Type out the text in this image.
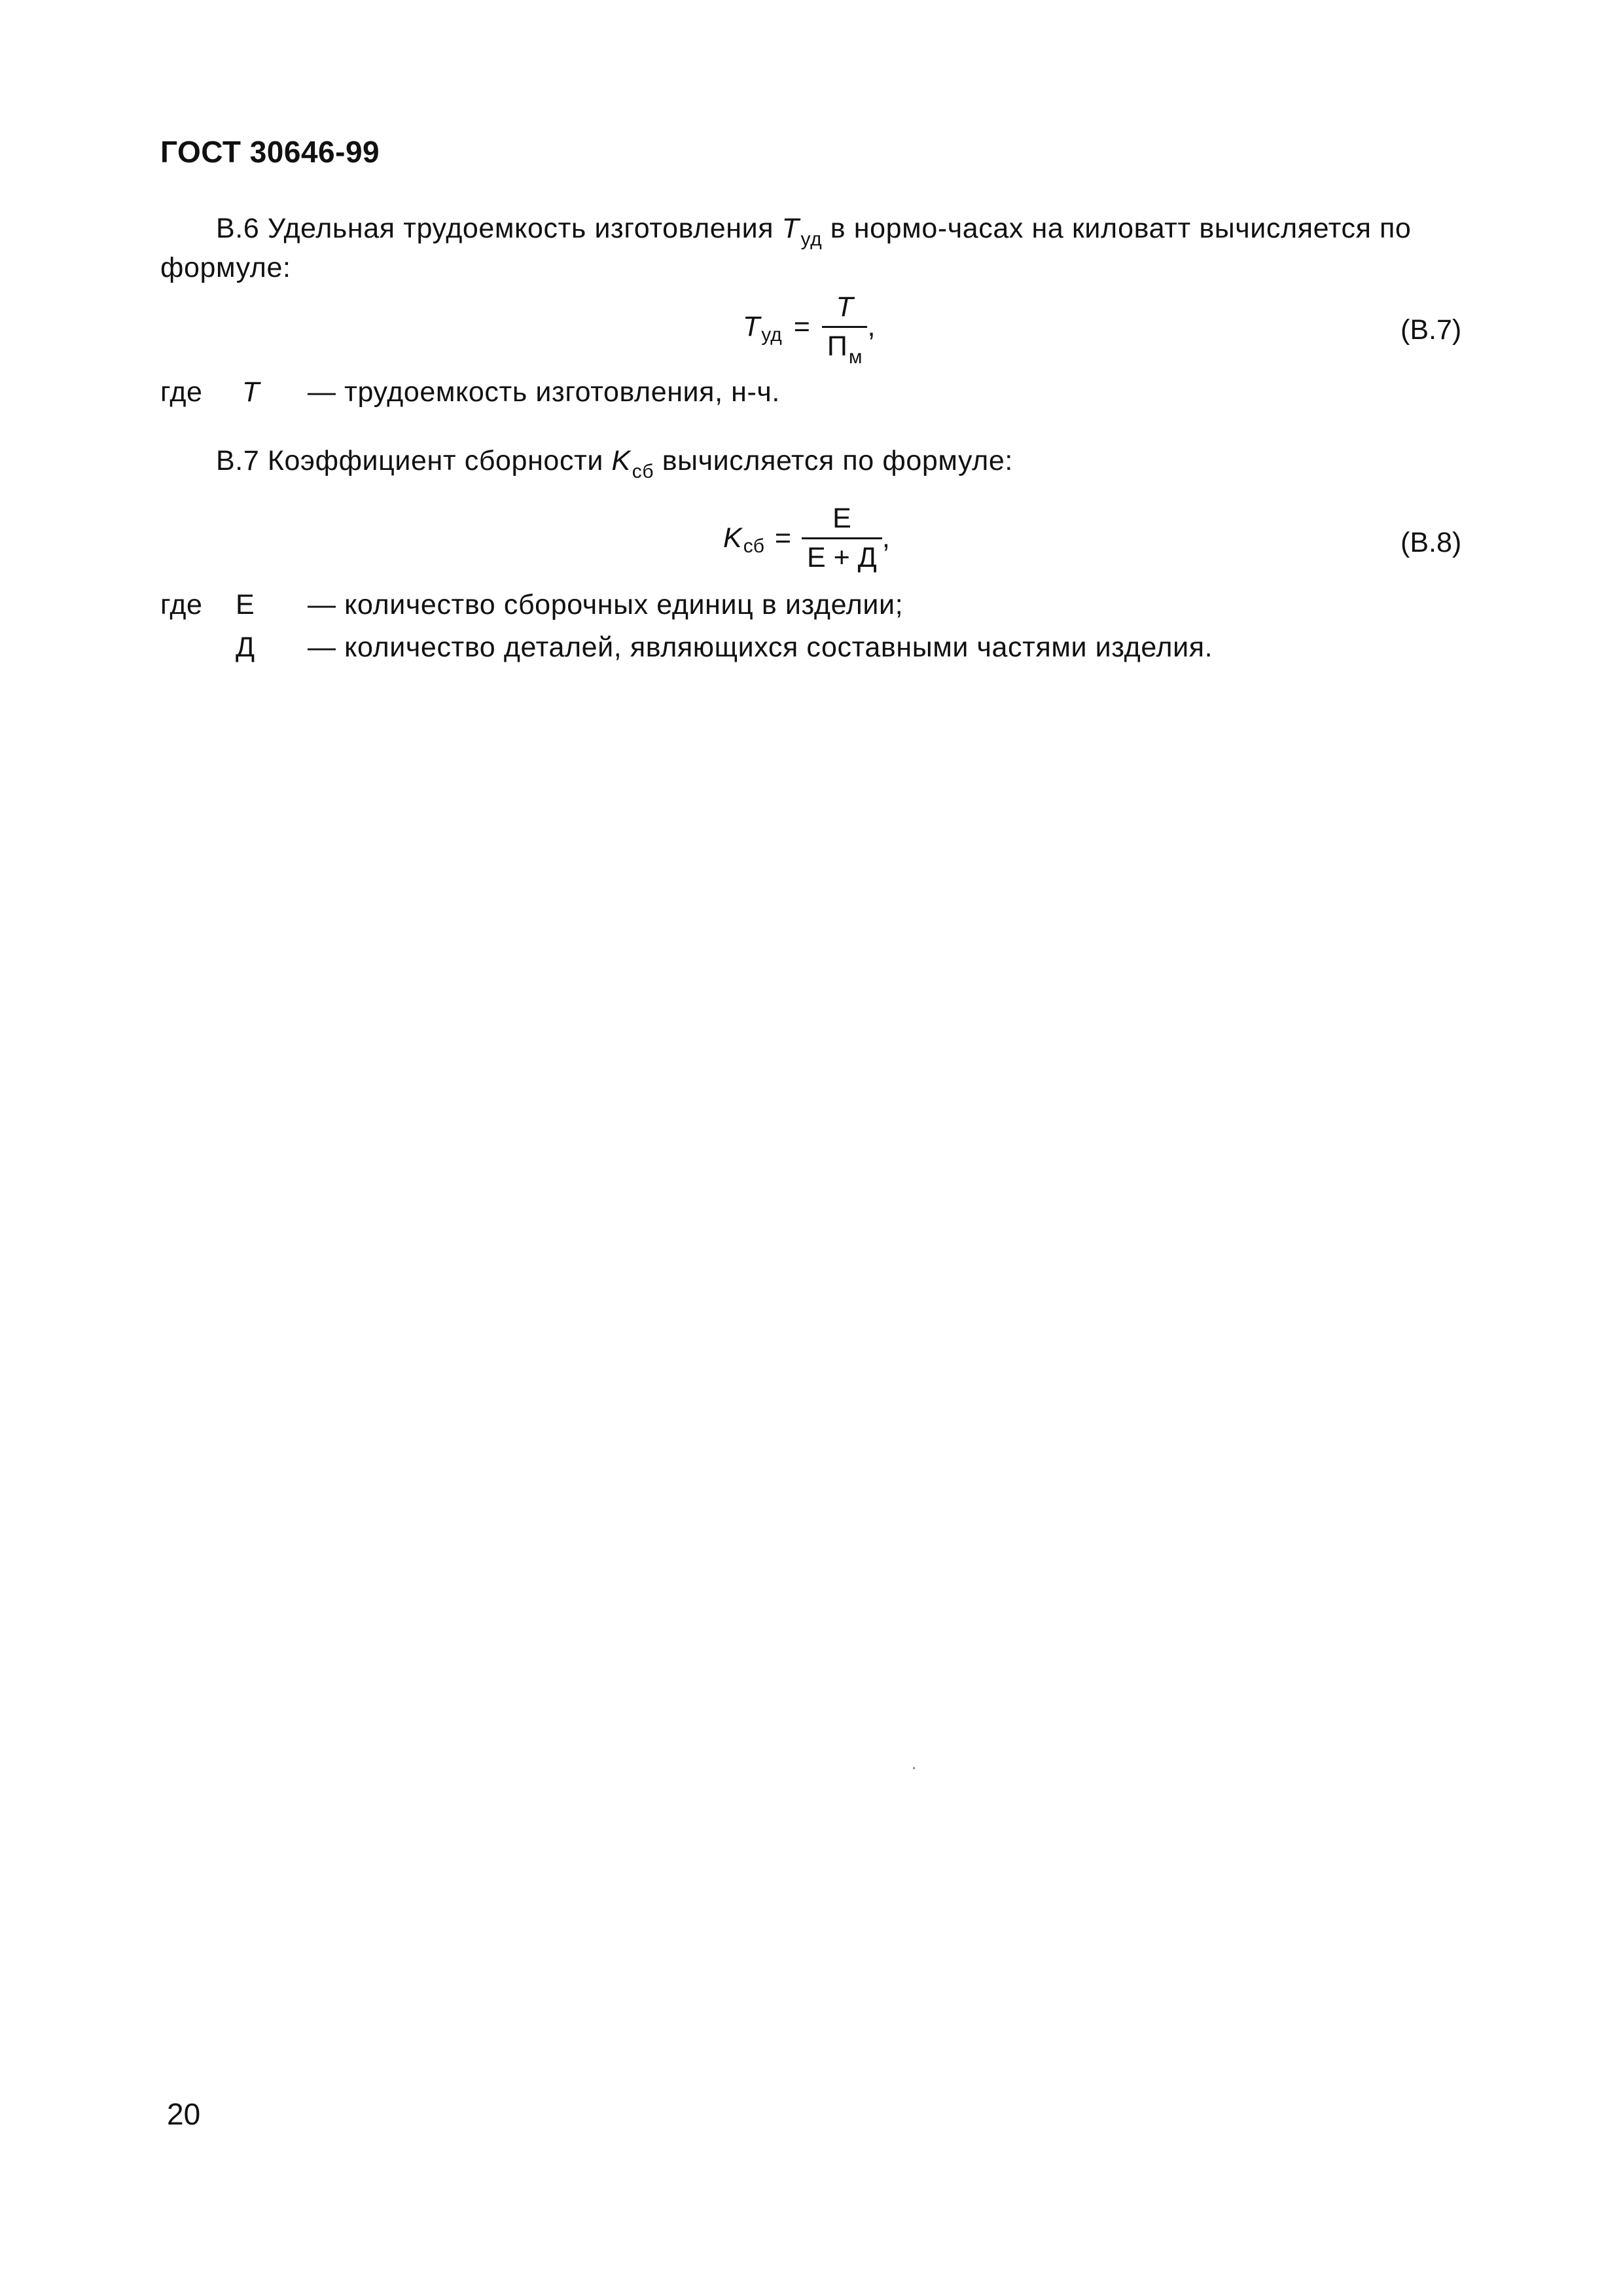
ГОСТ 30646-99
В.6 Удельная трудоемкость изготовления $T_{уд}$ в нормо-часах на киловатт вычисляется по
формуле:
T уд = $\frac{T}{П_м}$ ,	(В.7)
где T — трудоемкость изготовления, н-ч.
В.7 Коэффициент сборности $K_{сб}$ вычисляется по формуле:
K сб = $\frac{Е}{Е + Д}$ ,	(В.8)
где Е — количество сборочных единиц в изделии;
Д — количество деталей, являющихся составными частями изделия.
20
